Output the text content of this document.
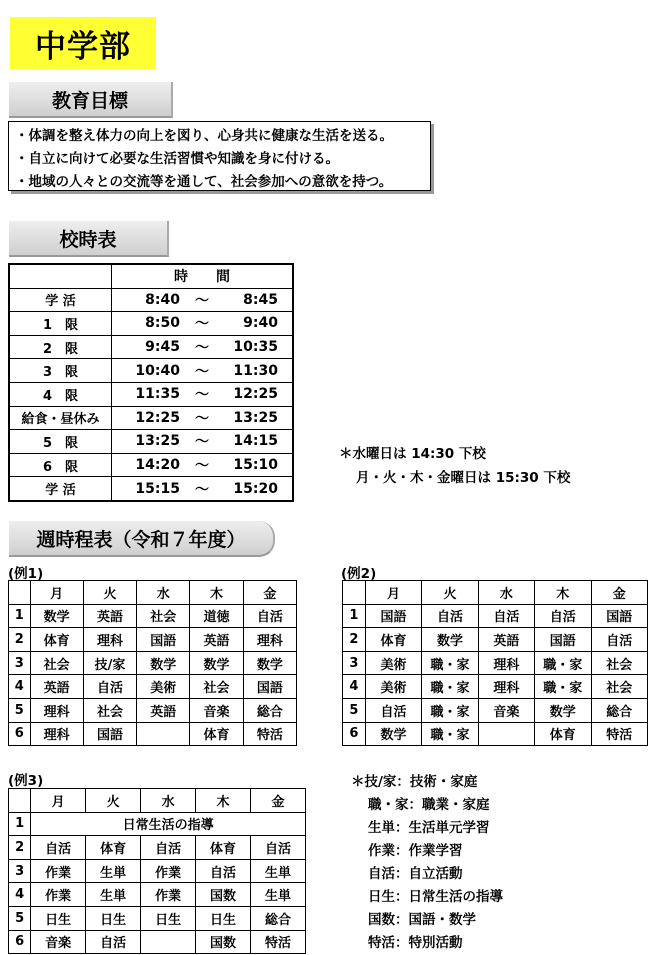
中学部
教育目標
・体調を整え体力の向上を図り、心身共に健康な生活を送る。
・自立に向けて必要な生活習慣や知識を身に付ける。
・地域の人々との交流等を通して、社会参加への意欲を持つ。
校時表
	時　　間
学 活	8:40 ～ 8:45

1　限	8:50 ～ 9:40

2　限	9:45 ～ 10:35

3　限	10:40 ～ 11:30

4　限	11:35 ～ 12:25

給食・昼休み	12:25 ～ 13:25

5　限	13:25 ～ 14:15

6　限	14:20 ～ 15:10

学 活	15:15 ～ 15:20
＊水曜日は 14:30 下校
月・火・木・金曜日は 15:30 下校
週時程表（令和７年度）
(例1)
	月	火	水	木	金
1	数学	英語	社会	道徳	自活
2	体育	理科	国語	英語	理科
3	社会	技/家	数学	数学	数学
4	英語	自活	美術	社会	国語
5	理科	社会	英語	音楽	総合
6	理科	国語		体育	特活
(例2)
	月	火	水	木	金
1	国語	自活	自活	自活	国語
2	体育	数学	英語	国語	自活
3	美術	職・家	理科	職・家	社会
4	美術	職・家	理科	職・家	社会
5	自活	職・家	音楽	数学	総合
6	数学	職・家		体育	特活
(例3)
	月	火	水	木	金
1	日常生活の指導				
2	自活	体育	自活	体育	自活
3	作業	生単	作業	自活	生単
4	作業	生単	作業	国数	生単
5	日生	日生	日生	日生	総合
6	音楽	自活		国数	特活
＊技/家：技術・家庭
職・家：職業・家庭
生単：生活単元学習
作業：作業学習
自活：自立活動
日生：日常生活の指導
国数：国語・数学
特活：特別活動
